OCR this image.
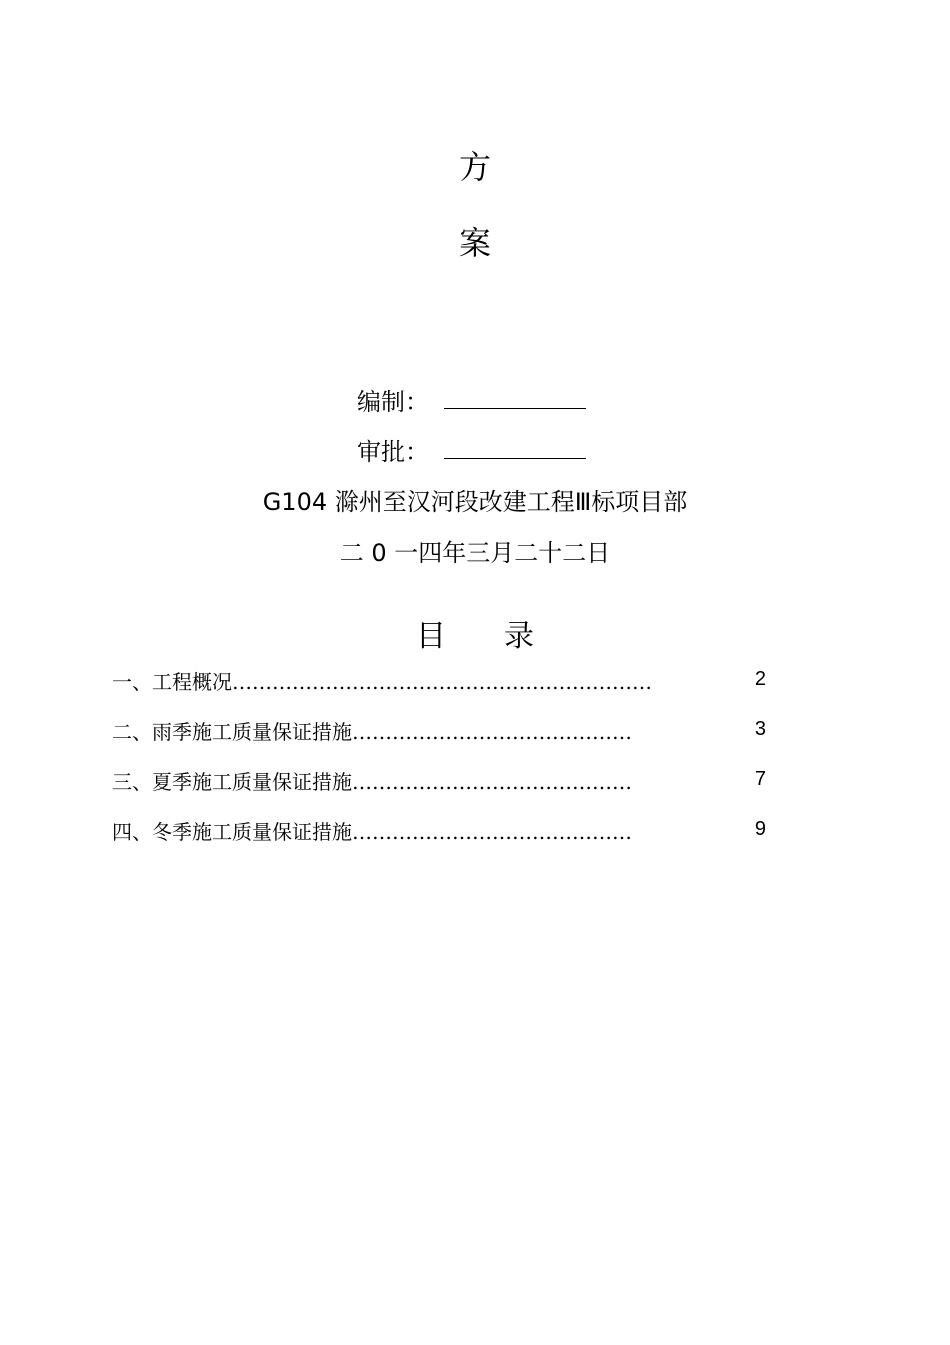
方
案
编制：
审批：
G104 滁州至汉河段改建工程Ⅲ标项目部
二 0 一四年三月二十二日
目 录
一、工程概况………………………………………………………	2
二、雨季施工质量保证措施……………………………………	3
三、夏季施工质量保证措施……………………………………	7
四、冬季施工质量保证措施……………………………………	9
